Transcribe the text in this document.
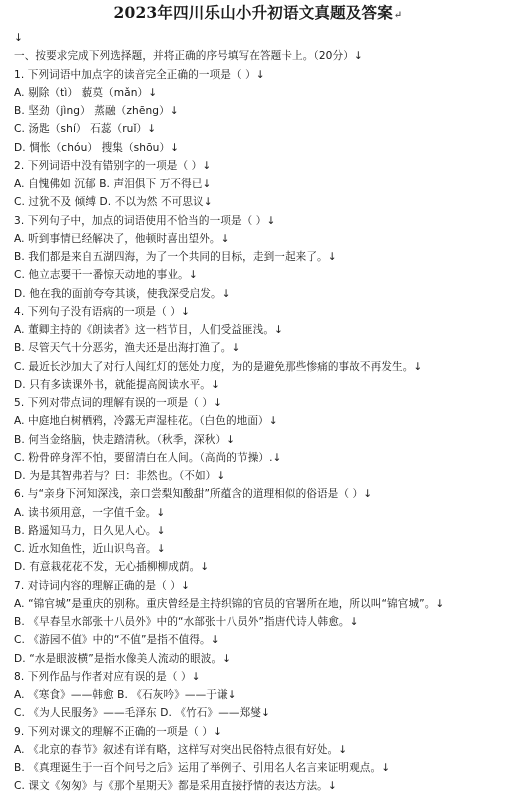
2023年四川乐山小升初语文真题及答案↵
↓
一、按要求完成下列选择题，并将正确的序号填写在答题卡上。（20分）↓
1. 下列词语中加点字的读音完全正确的一项是（ ）↓
A. 剔除（tì） 藐莫（mǎn）↓
B. 坚劲（jìng） 蒸融（zhēng）↓
C. 汤匙（shí） 石蕊（ruǐ）↓
D. 惆怅（chóu） 搜集（shōu）↓
2. 下列词语中没有错别字的一项是（ ）↓
A. 自愧佛如 沉郁 B. 声泪俱下 万不得已↓
C. 过犹不及 倾缚 D. 不以为然 不可思议↓
3. 下列句子中，加点的词语使用不恰当的一项是（ ）↓
A. 听到事情已经解决了，他顿时喜出望外。↓
B. 我们都是来自五湖四海，为了一个共同的目标，走到一起来了。↓
C. 他立志要干一番惊天动地的事业。↓
D. 他在我的面前夸夸其谈，使我深受启发。↓
4. 下列句子没有语病的一项是（ ）↓
A. 董卿主持的《朗读者》这一档节目，人们受益匪浅。↓
B. 尽管天气十分恶劣，渔夫还是出海打渔了。↓
C. 最近长沙加大了对行人闯红灯的惩处力度，为的是避免那些惨痛的事故不再发生。↓
D. 只有多读课外书，就能提高阅读水平。↓
5. 下列对带点词的理解有误的一项是（ ）↓
A. 中庭地白树栖鸦，冷露无声湿桂花。（白色的地面）↓
B. 何当金络脑，快走踏清秋。（秋季，深秋）↓
C. 粉骨碎身浑不怕，要留清白在人间。（高尚的节操）.↓
D. 为是其智弗若与？曰：非然也。（不如）↓
6. 与“亲身下河知深浅，亲口尝梨知酸甜”所蕴含的道理相似的俗语是（ ）↓
A. 读书须用意，一字值千金。↓
B. 路遥知马力，日久见人心。↓
C. 近水知鱼性，近山识鸟音。↓
D. 有意栽花花不发，无心插柳柳成荫。↓
7. 对诗词内容的理解正确的是（ ）↓
A. “锦官城”是重庆的别称。重庆曾经是主持织锦的官员的官署所在地，所以叫“锦官城”。↓
B. 《早春呈水部张十八员外》中的“水部张十八员外”指唐代诗人韩愈。↓
C. 《游园不值》中的“不值”是指不值得。↓
D. “水是眼波横”是指水像美人流动的眼波。↓
8. 下列作品与作者对应有误的是（ ）↓
A. 《寒食》——韩愈 B. 《石灰吟》——于谦↓
C. 《为人民服务》——毛泽东 D. 《竹石》——郑燮↓
9. 下列对课文的理解不正确的一项是（ ）↓
A. 《北京的春节》叙述有详有略，这样写对突出民俗特点很有好处。↓
B. 《真理诞生于一百个问号之后》运用了举例子、引用名人名言来证明观点。↓
C. 课文《匆匆》与《那个星期天》都是采用直接抒情的表达方法。↓
